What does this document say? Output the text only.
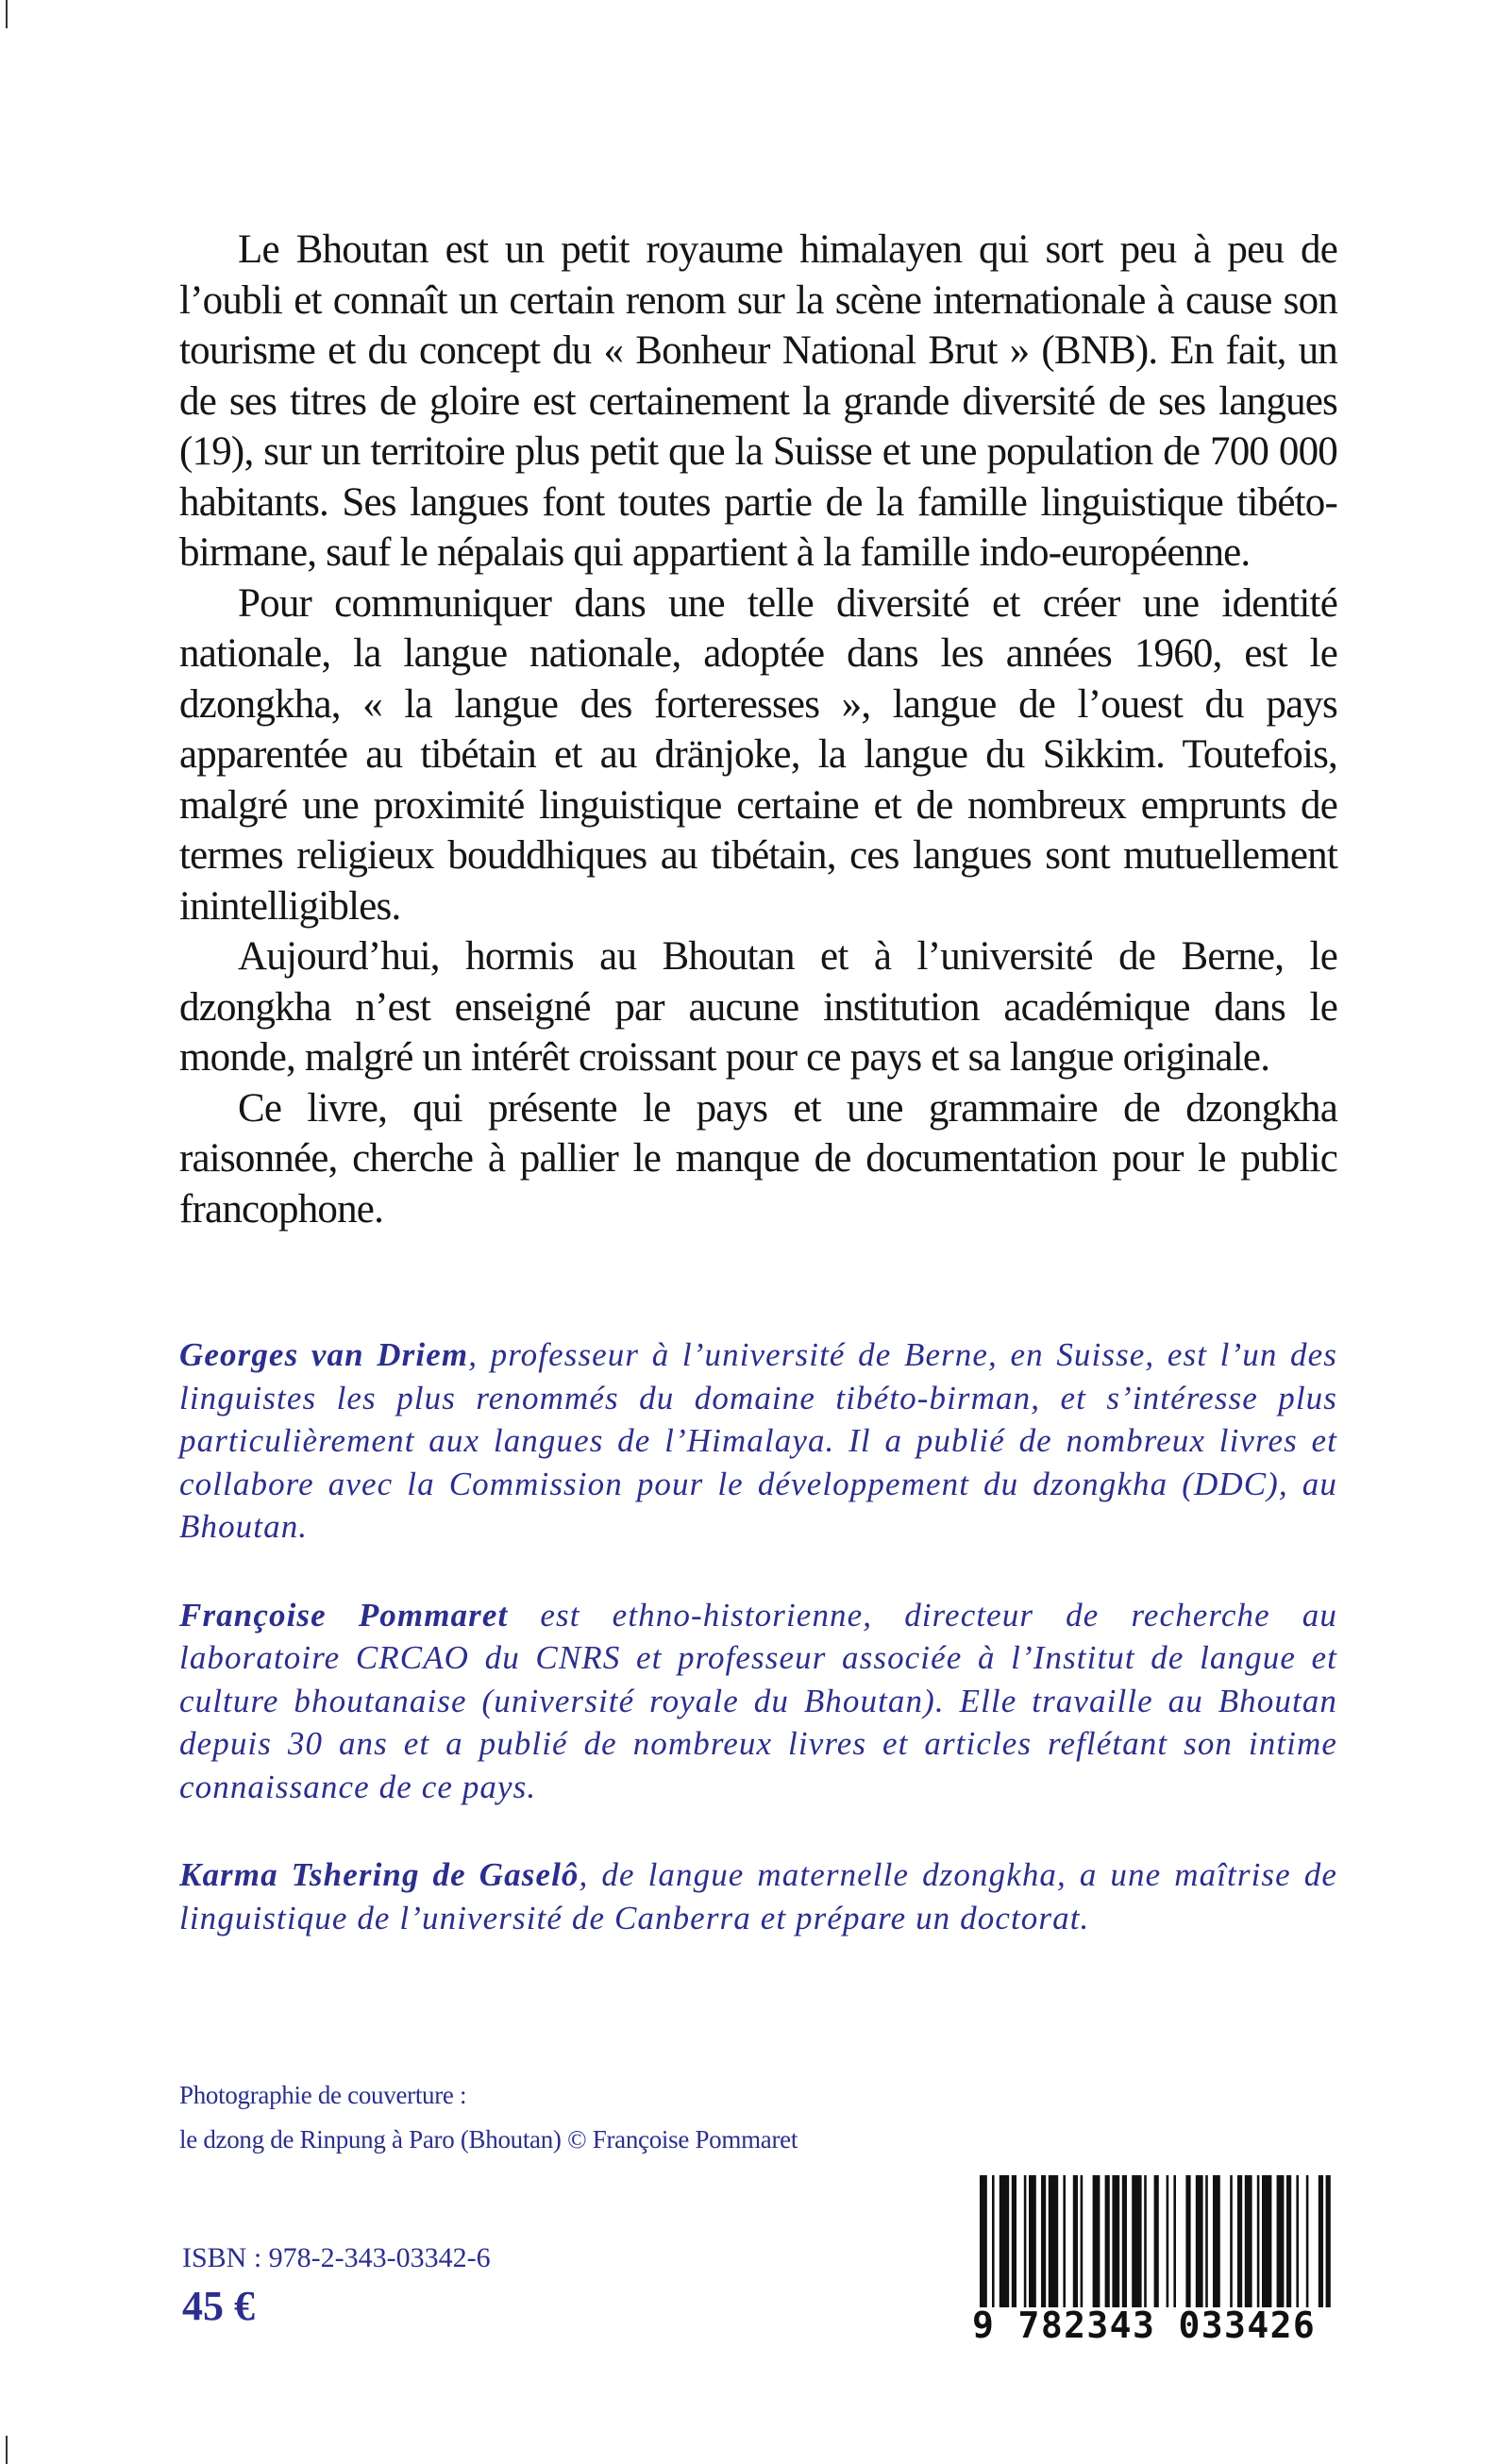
Le Bhoutan est un petit royaume himalayen qui sort peu à peu de l’oubli et connaît un certain renom sur la scène internationale à cause son tourisme et du concept du « Bonheur National Brut » (BNB). En fait, un de ses titres de gloire est certainement la grande diversité de ses langues (19), sur un territoire plus petit que la Suisse et une population de 700 000 habitants. Ses langues font toutes partie de la famille linguistique tibéto-birmane, sauf le népalais qui appartient à la famille indo-européenne.

Pour communiquer dans une telle diversité et créer une identité nationale, la langue nationale, adoptée dans les années 1960, est le dzongkha, « la langue des forteresses », langue de l’ouest du pays apparentée au tibétain et au dränjoke, la langue du Sikkim. Toutefois, malgré une proximité linguistique certaine et de nombreux emprunts de termes religieux bouddhiques au tibétain, ces langues sont mutuellement inintelligibles.

Aujourd’hui, hormis au Bhoutan et à l’université de Berne, le dzongkha n’est enseigné par aucune institution académique dans le monde, malgré un intérêt croissant pour ce pays et sa langue originale.

Ce livre, qui présente le pays et une grammaire de dzongkha raisonnée, cherche à pallier le manque de documentation pour le public francophone.

Georges van Driem, professeur à l’université de Berne, en Suisse, est l’un des linguistes les plus renommés du domaine tibéto-birman, et s’intéresse plus particulièrement aux langues de l’Himalaya. Il a publié de nombreux livres et collabore avec la Commission pour le développement du dzongkha (DDC), au Bhoutan.

Françoise Pommaret est ethno-historienne, directeur de recherche au laboratoire CRCAO du CNRS et professeur associée à l’Institut de langue et culture bhoutanaise (université royale du Bhoutan). Elle travaille au Bhoutan depuis 30 ans et a publié de nombreux livres et articles reflétant son intime connaissance de ce pays.

Karma Tshering de Gaselô, de langue maternelle dzongkha, a une maîtrise de linguistique de l’université de Canberra et prépare un doctorat.

Photographie de couverture :
le dzong de Rinpung à Paro (Bhoutan) © Françoise Pommaret
ISBN : 978-2-343-03342-6
45 €	9 782343 033426
